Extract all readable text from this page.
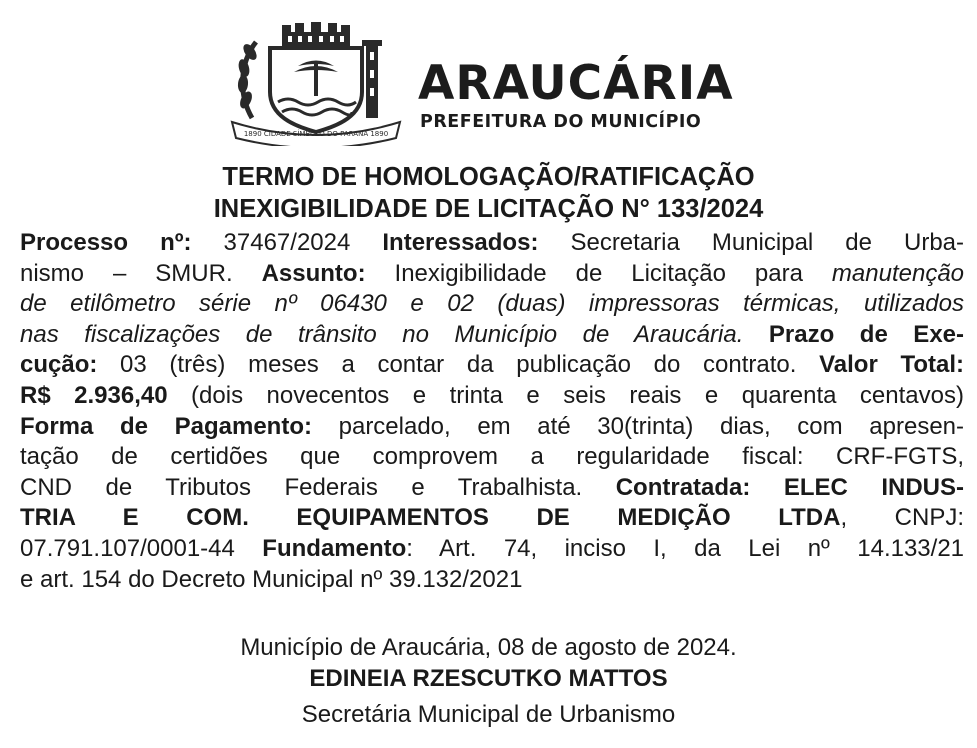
1890 CIDADE SÍMBOLO DO PARANÁ 1890
ARAUCÁRIA
PREFEITURA DO MUNICÍPIO
TERMO DE HOMOLOGAÇÃO/RATIFICAÇÃO
INEXIGIBILIDADE DE LICITAÇÃO N° 133/2024
Processo nº: 37467/2024 Interessados: Secretaria Municipal de Urba-
nismo – SMUR. Assunto: Inexigibilidade de Licitação para manutenção
de etilômetro série nº 06430 e 02 (duas) impressoras térmicas, utilizados
nas fiscalizações de trânsito no Município de Araucária. Prazo de Exe-
cução: 03 (três) meses a contar da publicação do contrato. Valor Total:
R$ 2.936,40 (dois novecentos e trinta e seis reais e quarenta centavos)
Forma de Pagamento: parcelado, em até 30(trinta) dias, com apresen-
tação de certidões que comprovem a regularidade fiscal: CRF-FGTS,
CND de Tributos Federais e Trabalhista. Contratada: ELEC INDUS-
TRIA E COM. EQUIPAMENTOS DE MEDIÇÃO LTDA, CNPJ:
07.791.107/0001-44 Fundamento: Art. 74, inciso I, da Lei nº 14.133/21
e art. 154 do Decreto Municipal nº 39.132/2021
Município de Araucária, 08 de agosto de 2024.
EDINEIA RZESCUTKO MATTOS
Secretária Municipal de Urbanismo
